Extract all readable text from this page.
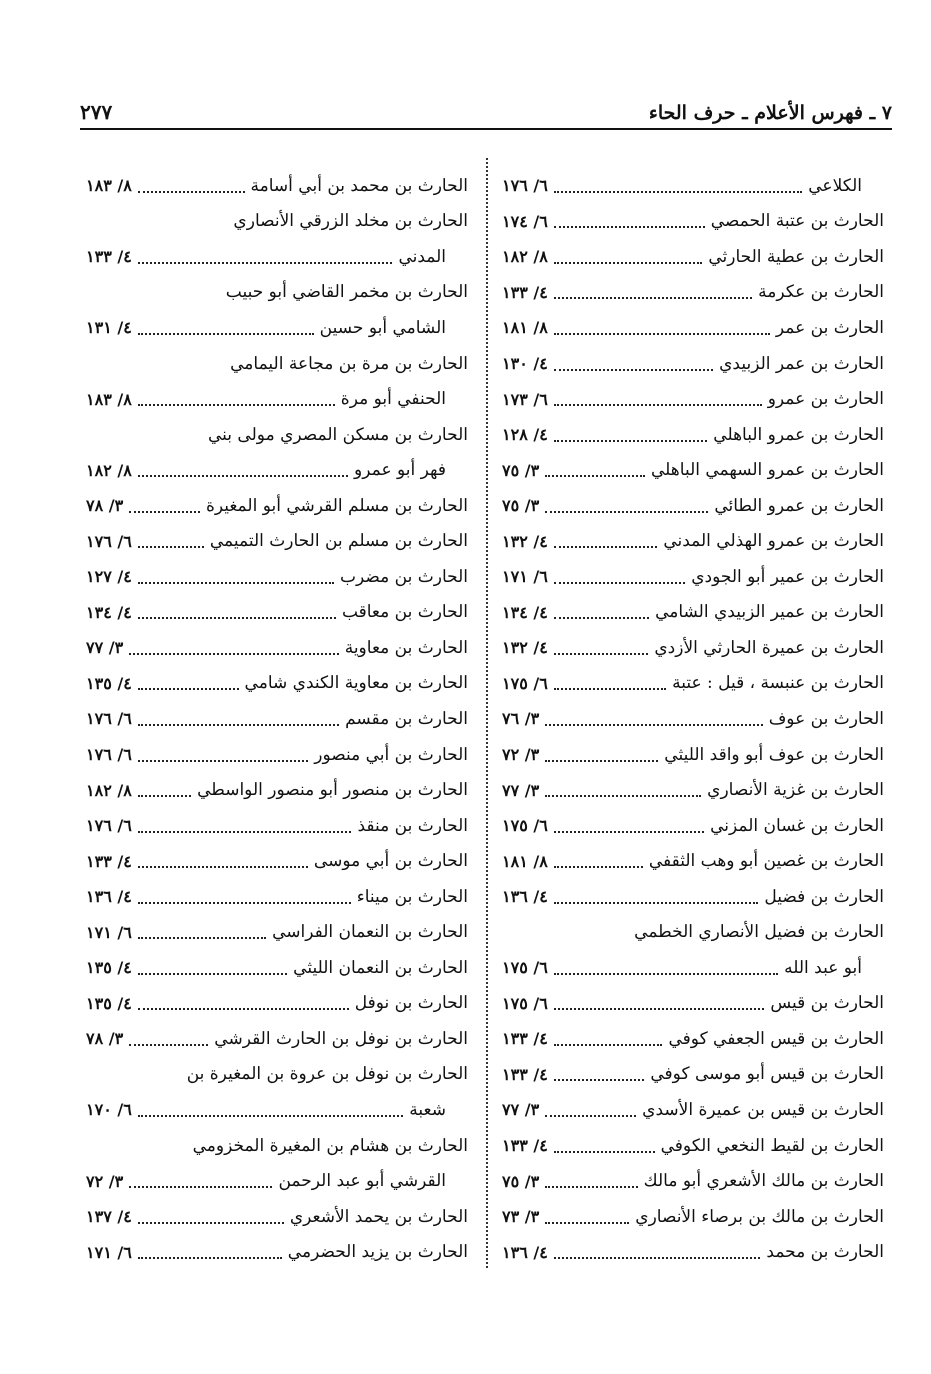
٧ ـ فهرس الأعلام ـ حرف الحاء
٢٧٧
الكلاعي
٦/ ١٧٦
الحارث بن عتبة الحمصي
٦/ ١٧٤
الحارث بن عطية الحارثي
٨/ ١٨٢
الحارث بن عكرمة
٤/ ١٣٣
الحارث بن عمر
٨/ ١٨١
الحارث بن عمر الزبيدي
٤/ ١٣٠
الحارث بن عمرو
٦/ ١٧٣
الحارث بن عمرو الباهلي
٤/ ١٢٨
الحارث بن عمرو السهمي الباهلي
٣/ ٧٥
الحارث بن عمرو الطائي
٣/ ٧٥
الحارث بن عمرو الهذلي المدني
٤/ ١٣٢
الحارث بن عمير أبو الجودي
٦/ ١٧١
الحارث بن عمير الزبيدي الشامي
٤/ ١٣٤
الحارث بن عميرة الحارثي الأزدي
٤/ ١٣٢
الحارث بن عنبسة ، قيل : عتبة
٦/ ١٧٥
الحارث بن عوف
٣/ ٧٦
الحارث بن عوف أبو واقد الليثي
٣/ ٧٢
الحارث بن غزية الأنصاري
٣/ ٧٧
الحارث بن غسان المزني
٦/ ١٧٥
الحارث بن غصين أبو وهب الثقفي
٨/ ١٨١
الحارث بن فضيل
٤/ ١٣٦
الحارث بن فضيل الأنصاري الخطمي
أبو عبد الله
٦/ ١٧٥
الحارث بن قيس
٦/ ١٧٥
الحارث بن قيس الجعفي كوفي
٤/ ١٣٣
الحارث بن قيس أبو موسى كوفي
٤/ ١٣٣
الحارث بن قيس بن عميرة الأسدي
٣/ ٧٧
الحارث بن لقيط النخعي الكوفي
٤/ ١٣٣
الحارث بن مالك الأشعري أبو مالك
٣/ ٧٥
الحارث بن مالك بن برصاء الأنصاري
٣/ ٧٣
الحارث بن محمد
٤/ ١٣٦
الحارث بن محمد بن أبي أسامة
٨/ ١٨٣
الحارث بن مخلد الزرقي الأنصاري
المدني
٤/ ١٣٣
الحارث بن مخمر القاضي أبو حبيب
الشامي أبو حسين
٤/ ١٣١
الحارث بن مرة بن مجاعة اليمامي
الحنفي أبو مرة
٨/ ١٨٣
الحارث بن مسكن المصري مولى بني
فهر أبو عمرو
٨/ ١٨٢
الحارث بن مسلم القرشي أبو المغيرة
٣/ ٧٨
الحارث بن مسلم بن الحارث التميمي
٦/ ١٧٦
الحارث بن مضرب
٤/ ١٢٧
الحارث بن معاقب
٤/ ١٣٤
الحارث بن معاوية
٣/ ٧٧
الحارث بن معاوية الكندي شامي
٤/ ١٣٥
الحارث بن مقسم
٦/ ١٧٦
الحارث بن أبي منصور
٦/ ١٧٦
الحارث بن منصور أبو منصور الواسطي
٨/ ١٨٢
الحارث بن منقذ
٦/ ١٧٦
الحارث بن أبي موسى
٤/ ١٣٣
الحارث بن ميناء
٤/ ١٣٦
الحارث بن النعمان الفراسي
٦/ ١٧١
الحارث بن النعمان الليثي
٤/ ١٣٥
الحارث بن نوفل
٤/ ١٣٥
الحارث بن نوفل بن الحارث القرشي
٣/ ٧٨
الحارث بن نوفل بن عروة بن المغيرة بن
شعبة
٦/ ١٧٠
الحارث بن هشام بن المغيرة المخزومي
القرشي أبو عبد الرحمن
٣/ ٧٢
الحارث بن يحمد الأشعري
٤/ ١٣٧
الحارث بن يزيد الحضرمي
٦/ ١٧١
